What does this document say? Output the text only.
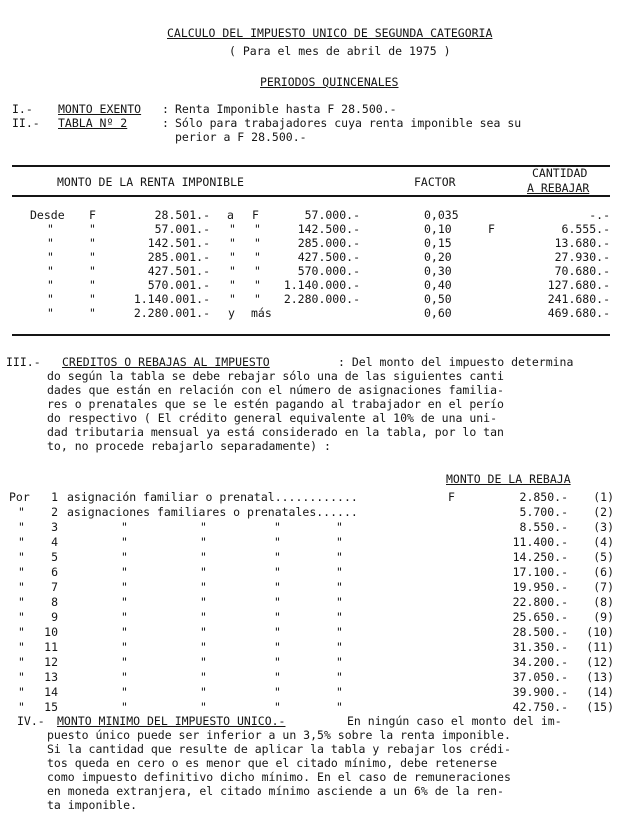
CALCULO DEL IMPUESTO UNICO DE SEGUNDA CATEGORIA
( Para el mes de abril de 1975 )
PERIODOS QUINCENALES
I.- MONTO EXENTO : Renta Imponible hasta F 28.500.-
II.- TABLA Nº 2	: Sólo para trabajadores cuya renta imponible sea su
perior a F 28.500.-
MONTO DE LA RENTA IMPONIBLE	FACTOR
CANTIDAD
A REBAJAR
Desde F	28.501.- a F	57.000.-	0,035	-.-
"	"	57.001.- " "	142.500.-	0,10	F	6.555.-
"	"	142.501.- " "	285.000.-	0,15	13.680.-
"	"	285.001.- " "	427.500.-	0,20	27.930.-
"	"	427.501.- " "	570.000.-	0,30	70.680.-
"	"	570.001.- " "	1.140.000.-	0,40	127.680.-
"	"	1.140.001.- " "	2.280.000.-	0,50	241.680.-
"	"	2.280.001.- y más	0,60	469.680.-
III.- CREDITOS O REBAJAS AL IMPUESTO	: Del monto del impuesto determina
do según la tabla se debe rebajar sólo una de las siguientes canti
dades que están en relación con el número de asignaciones familia-
res o prenatales que se le estén pagando al trabajador en el perío
do respectivo ( El crédito general equivalente al 10% de una uni-
dad tributaria mensual ya está considerado en la tabla, por lo tan
to, no procede rebajarlo separadamente) :
MONTO DE LA REBAJA
F
Por	1 asignación familiar o prenatal............	2.850.-	(1)
"	2 asignaciones familiares o prenatales......	5.700.-	(2)
"	3	"	"	"	"	8.550.-	(3)
"	4	"	"	"	"	11.400.-	(4)
"	5	"	"	"	"	14.250.-	(5)
"	6	"	"	"	"	17.100.-	(6)
"	7	"	"	"	"	19.950.-	(7)
"	8	"	"	"	"	22.800.-	(8)
"	9	"	"	"	"	25.650.-	(9)
"	10	"	"	"	"	28.500.-	(10)
"	11	"	"	"	"	31.350.-	(11)
"	12	"	"	"	"	34.200.-	(12)
"	13	"	"	"	"	37.050.-	(13)
"	14	"	"	"	"	39.900.-	(14)
"	15	"	"	"	"	42.750.-	(15)
IV.- MONTO MINIMO DEL IMPUESTO UNICO.-	En ningún caso el monto del im-
puesto único puede ser inferior a un 3,5% sobre la renta imponible.
Si la cantidad que resulte de aplicar la tabla y rebajar los crédi-
tos queda en cero o es menor que el citado mínimo, debe retenerse
como impuesto definitivo dicho mínimo. En el caso de remuneraciones
en moneda extranjera, el citado mínimo asciende a un 6% de la ren-
ta imponible.
